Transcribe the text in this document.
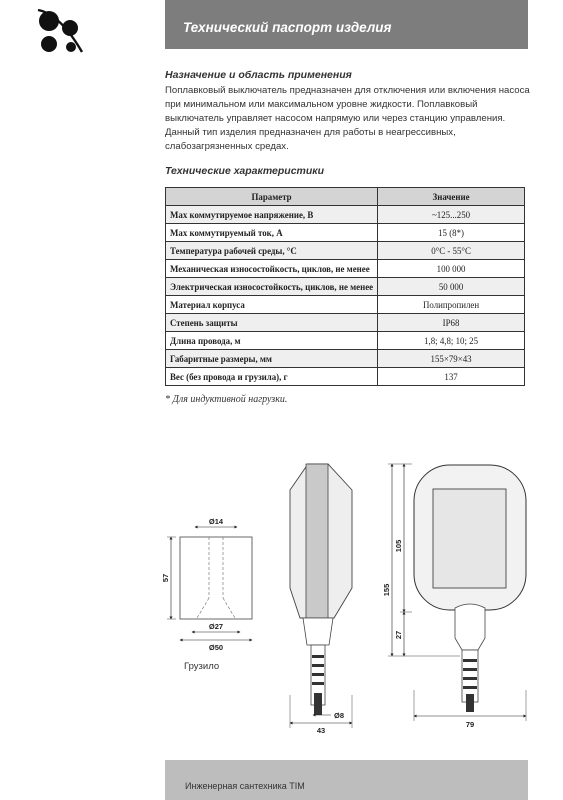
Технический паспорт изделия
Назначение и область применения

Поплавковый выключатель предназначен для отключения или включения насоса при минимальном или максимальном уровне жидкости. Поплавковый выключатель управляет насосом напрямую или через станцию управления. Данный тип изделия предназначен для работы в неагрессивных, слабозагрязненных средах.

Технические характеристики
Параметр	Значение
Max коммутируемое напряжение, В	~125...250
Max коммутируемый ток, А	15 (8*)
Температура рабочей среды, °C	0°C - 55°C
Механическая износостойкость, циклов, не менее	100 000
Электрическая износостойкость, циклов, не менее	50 000
Материал корпуса	Полипропилен
Степень защиты	IP68
Длина провода, м	1,8; 4,8; 10; 25
Габаритные размеры, мм	155×79×43
Вес (без провода и грузила), г	137

* Для индуктивной нагрузки.

Ø14
57
Ø27
Ø50
Грузило
43
Ø8
155
105
27
79

Инженерная сантехника ТІМ
